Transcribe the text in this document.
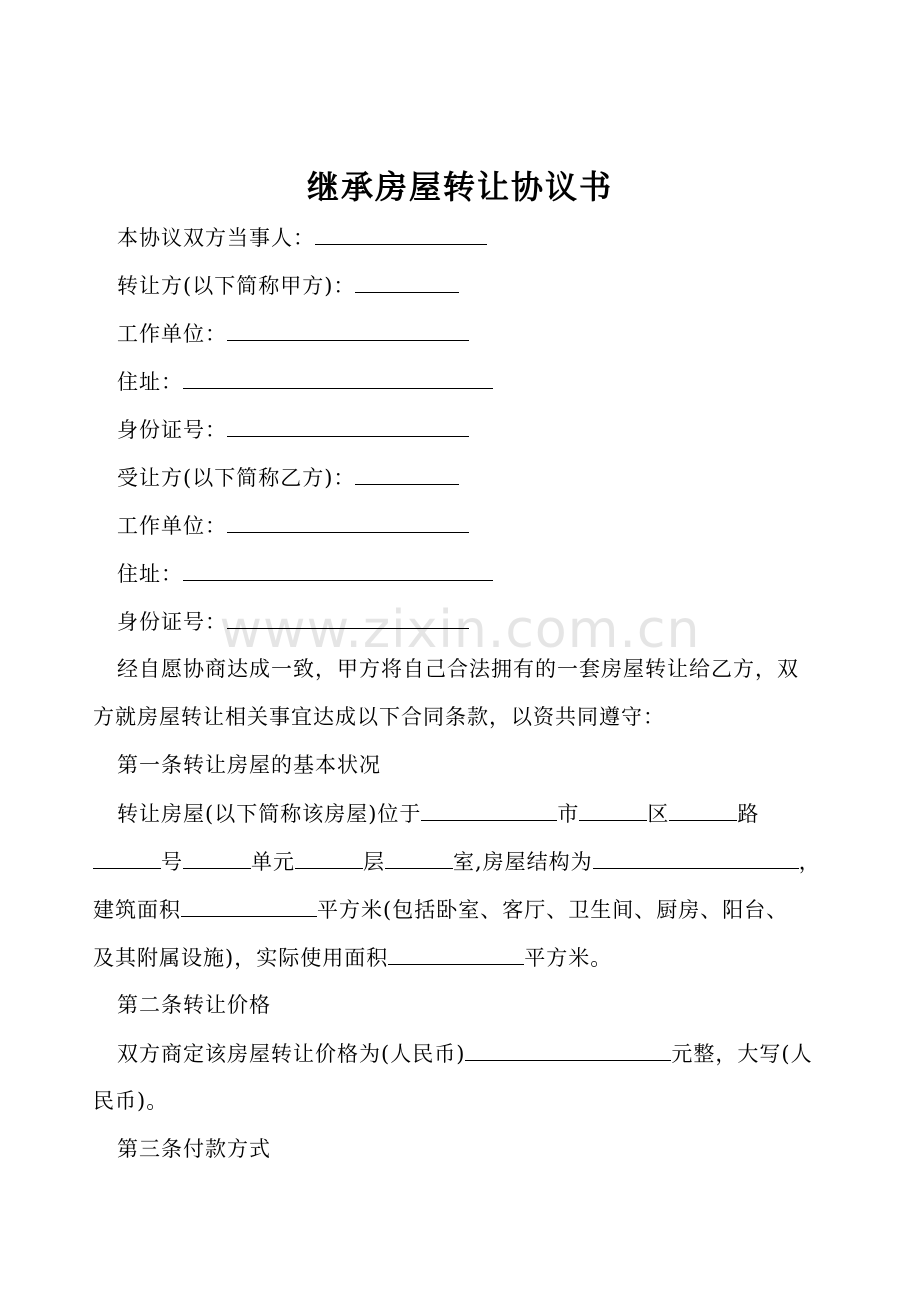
www.zixin.com.cn
继承房屋转让协议书
本协议双方当事人：
转让方(以下简称甲方)：
工作单位：
住址：
身份证号：
受让方(以下简称乙方)：
工作单位：
住址：
身份证号：
经自愿协商达成一致，甲方将自己合法拥有的一套房屋转让给乙方，双
方就房屋转让相关事宜达成以下合同条款，以资共同遵守：
第一条转让房屋的基本状况
转让房屋(以下简称该房屋)位于	市	区	路
号	单元	层	室,房屋结构为	，
建筑面积	平方米(包括卧室、客厅、卫生间、厨房、阳台、
及其附属设施)，实际使用面积	平方米。
第二条转让价格
双方商定该房屋转让价格为(人民币)	元整，大写(人
民币)。
第三条付款方式
